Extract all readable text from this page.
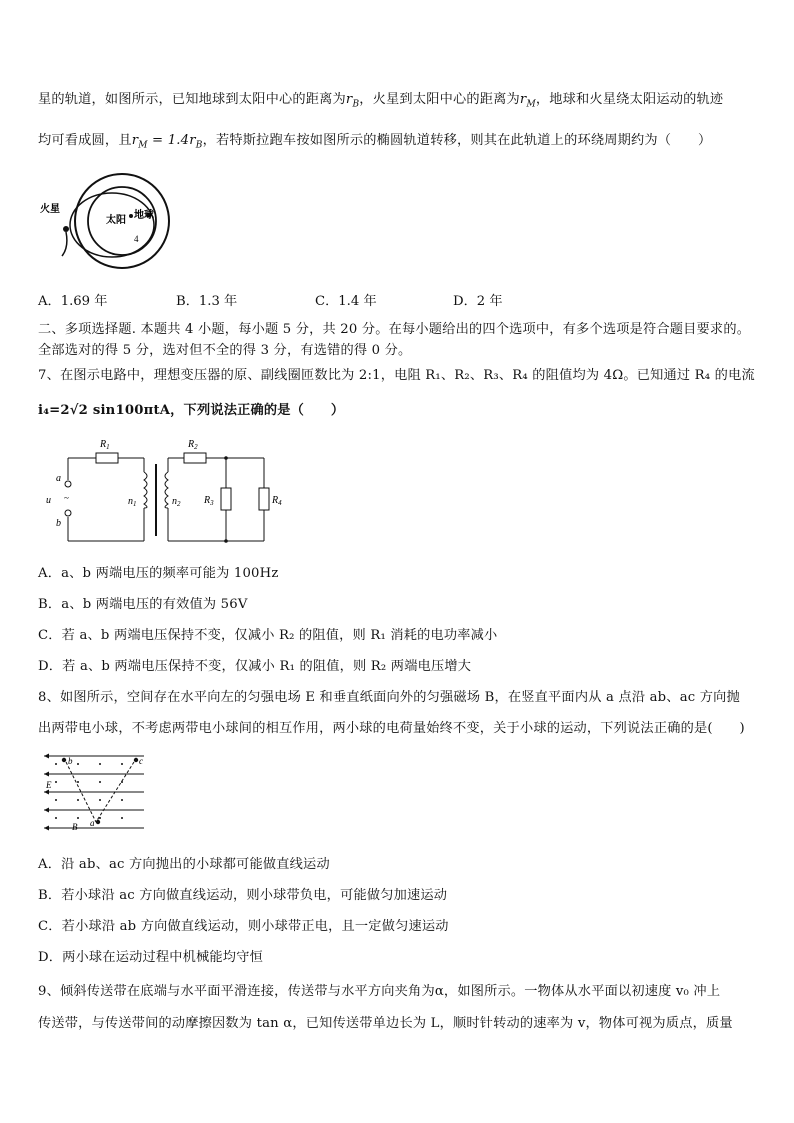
星的轨道，如图所示，已知地球到太阳中心的距离为$r_B$，火星到太阳中心的距离为$r_M$，地球和火星绕太阳运动的轨迹
均可看成圆，且$r_M = 1.4r_B$，若特斯拉跑车按如图所示的椭圆轨道转移，则其在此轨道上的环绕周期约为（　　）
火星
太阳 地球
4
A．1.69 年	B．1.3 年	C．1.4 年	D．2 年
二、多项选择题. 本题共 4 小题，每小题 5 分，共 20 分。在每小题给出的四个选项中，有多个选项是符合题目要求的。
全部选对的得 5 分，选对但不全的得 3 分，有选错的得 0 分。
7、在图示电路中，理想变压器的原、副线圈匝数比为 2:1，电阻 R₁、R₂、R₃、R₄ 的阻值均为 4Ω。已知通过 R₄ 的电流
i₄=2√2 sin100πtA，下列说法正确的是（　　）
$R_1$	$R_2$
$R_3$	$R_4$
a
b
u ~	$n_1$	$n_2$
A．a、b 两端电压的频率可能为 100Hz
B．a、b 两端电压的有效值为 56V
C．若 a、b 两端电压保持不变，仅减小 R₂ 的阻值，则 R₁ 消耗的电功率减小
D．若 a、b 两端电压保持不变，仅减小 R₁ 的阻值，则 R₂ 两端电压增大
8、如图所示，空间存在水平向左的匀强电场 E 和垂直纸面向外的匀强磁场 B，在竖直平面内从 a 点沿 ab、ac 方向抛
出两带电小球，不考虑两带电小球间的相互作用，两小球的电荷量始终不变，关于小球的运动，下列说法正确的是(　　)
b	c
E
B a
A．沿 ab、ac 方向抛出的小球都可能做直线运动
B．若小球沿 ac 方向做直线运动，则小球带负电，可能做匀加速运动
C．若小球沿 ab 方向做直线运动，则小球带正电，且一定做匀速运动
D．两小球在运动过程中机械能均守恒
9、倾斜传送带在底端与水平面平滑连接，传送带与水平方向夹角为α，如图所示。一物体从水平面以初速度 v₀ 冲上
传送带，与传送带间的动摩擦因数为 tan α，已知传送带单边长为 L，顺时针转动的速率为 v，物体可视为质点，质量
